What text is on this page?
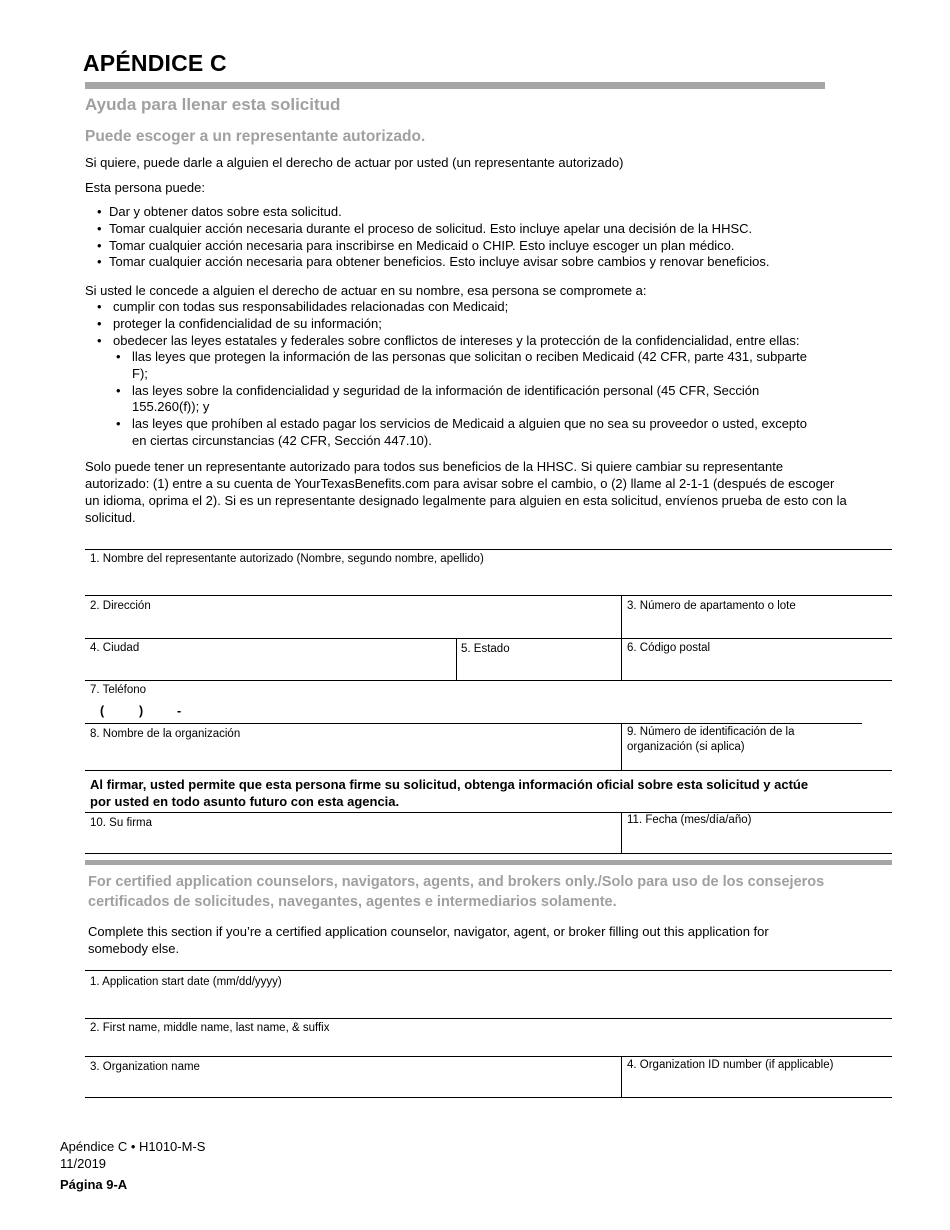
APÉNDICE C
Ayuda para llenar esta solicitud
Puede escoger a un representante autorizado.
Si quiere, puede darle a alguien el derecho de actuar por usted (un representante autorizado)
Esta persona puede:
• Dar y obtener datos sobre esta solicitud.
• Tomar cualquier acción necesaria durante el proceso de solicitud. Esto incluye apelar una decisión de la HHSC.
• Tomar cualquier acción necesaria para inscribirse en Medicaid o CHIP. Esto incluye escoger un plan médico.
• Tomar cualquier acción necesaria para obtener beneficios. Esto incluye avisar sobre cambios y renovar beneficios.
Si usted le concede a alguien el derecho de actuar en su nombre, esa persona se compromete a:
• cumplir con todas sus responsabilidades relacionadas con Medicaid;
• proteger la confidencialidad de su información;
• obedecer las leyes estatales y federales sobre conflictos de intereses y la protección de la confidencialidad, entre ellas:
• llas leyes que protegen la información de las personas que solicitan o reciben Medicaid (42 CFR, parte 431, subparte F);
• las leyes sobre la confidencialidad y seguridad de la información de identificación personal (45 CFR, Sección 155.260(f)); y
• las leyes que prohíben al estado pagar los servicios de Medicaid a alguien que no sea su proveedor o usted, excepto en ciertas circunstancias (42 CFR, Sección 447.10).
Solo puede tener un representante autorizado para todos sus beneficios de la HHSC. Si quiere cambiar su representante autorizado: (1) entre a su cuenta de YourTexasBenefits.com para avisar sobre el cambio, o (2) llame al 2-1-1 (después de escoger un idioma, oprima el 2). Si es un representante designado legalmente para alguien en esta solicitud, envíenos prueba de esto con la solicitud.
1. Nombre del representante autorizado (Nombre, segundo nombre, apellido)
2. Dirección	3. Número de apartamento o lote
4. Ciudad	5. Estado	6. Código postal
7. Teléfono
(	)	-
8. Nombre de la organización	9. Número de identificación de la organización (si aplica)
Al firmar, usted permite que esta persona firme su solicitud, obtenga información oficial sobre esta solicitud y actúe por usted en todo asunto futuro con esta agencia.
10. Su firma	11. Fecha (mes/día/año)
For certified application counselors, navigators, agents, and brokers only./Solo para uso de los consejeros certificados de solicitudes, navegantes, agentes e intermediarios solamente.
Complete this section if you’re a certified application counselor, navigator, agent, or broker filling out this application for somebody else.
1. Application start date (mm/dd/yyyy)
2. First name, middle name, last name, & suffix
3. Organization name	4. Organization ID number (if applicable)
Apéndice C • H1010-M-S
11/2019
Página 9-A
